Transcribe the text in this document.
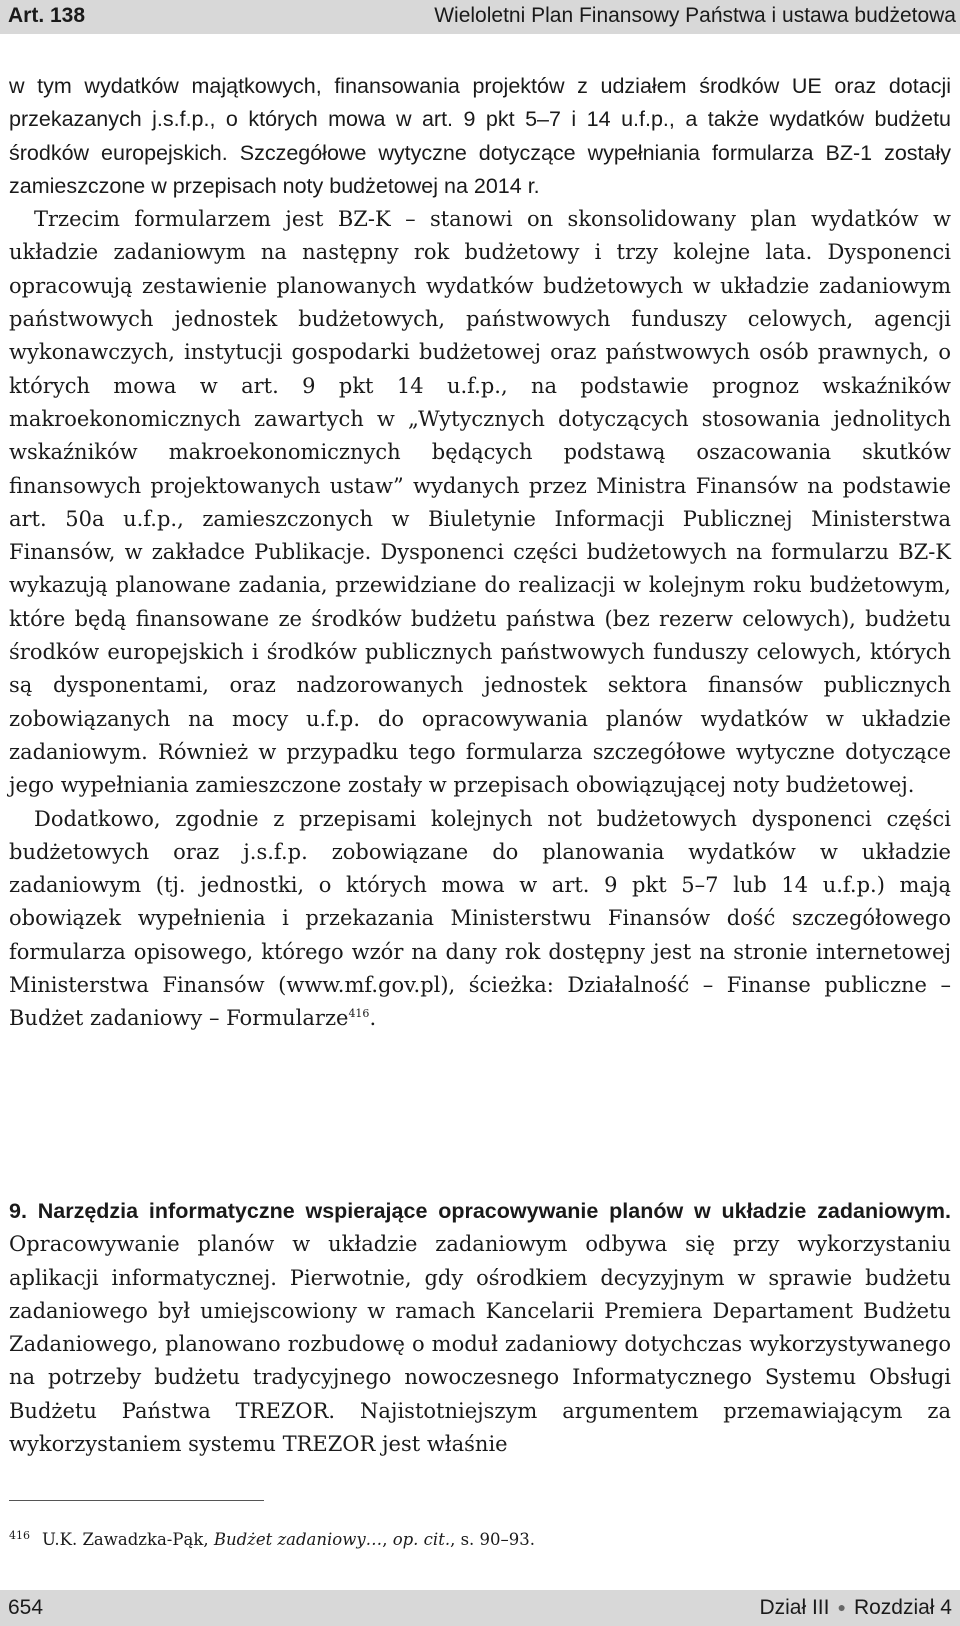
Art. 138	Wieloletni Plan Finansowy Państwa i ustawa budżetowa

w tym wydatków majątkowych, finansowania projektów z udziałem środków UE oraz dotacji przekazanych j.s.f.p., o których mowa w art. 9 pkt 5–7 i 14 u.f.p., a także wydatków budżetu środków europejskich. Szczegółowe wytyczne dotyczące wypełniania formularza BZ-1 zostały zamieszczone w przepisach noty budżetowej na 2014 r.

Trzecim formularzem jest BZ-K – stanowi on skonsolidowany plan wydatków w układzie zadaniowym na następny rok budżetowy i trzy kolejne lata. Dysponenci opracowują zestawienie planowanych wydatków budżetowych w układzie zadaniowym państwowych jednostek budżetowych, państwowych funduszy celowych, agencji wykonawczych, instytucji gospodarki budżetowej oraz państwowych osób prawnych, o których mowa w art. 9 pkt 14 u.f.p., na podstawie prognoz wskaźników makroekonomicznych zawartych w „Wytycznych dotyczących stosowania jednolitych wskaźników makroekonomicznych będących podstawą oszacowania skutków finansowych projektowanych ustaw” wydanych przez Ministra Finansów na podstawie art. 50a u.f.p., zamieszczonych w Biuletynie Informacji Publicznej Ministerstwa Finansów, w zakładce Publikacje. Dysponenci części budżetowych na formularzu BZ-K wykazują planowane zadania, przewidziane do realizacji w kolejnym roku budżetowym, które będą finansowane ze środków budżetu państwa (bez rezerw celowych), budżetu środków europejskich i środków publicznych państwowych funduszy celowych, których są dysponentami, oraz nadzorowanych jednostek sektora finansów publicznych zobowiązanych na mocy u.f.p. do opracowywania planów wydatków w układzie zadaniowym. Również w przypadku tego formularza szczegółowe wytyczne dotyczące jego wypełniania zamieszczone zostały w przepisach obowiązującej noty budżetowej.

Dodatkowo, zgodnie z przepisami kolejnych not budżetowych dysponenci części budżetowych oraz j.s.f.p. zobowiązane do planowania wydatków w układzie zadaniowym (tj. jednostki, o których mowa w art. 9 pkt 5–7 lub 14 u.f.p.) mają obowiązek wypełnienia i przekazania Ministerstwu Finansów dość szczegółowego formularza opisowego, którego wzór na dany rok dostępny jest na stronie internetowej Ministerstwa Finansów (www.mf.gov.pl), ścieżka: Działalność – Finanse publiczne – Budżet zadaniowy – Formularze$^{416}$.

9. Narzędzia informatyczne wspierające opracowywanie planów w układzie zadaniowym. Opracowywanie planów w układzie zadaniowym odbywa się przy wykorzystaniu aplikacji informatycznej. Pierwotnie, gdy ośrodkiem decyzyjnym w sprawie budżetu zadaniowego był umiejscowiony w ramach Kancelarii Premiera Departament Budżetu Zadaniowego, planowano rozbudowę o moduł zadaniowy dotychczas wykorzystywanego na potrzeby budżetu tradycyjnego nowoczesnego Informatycznego Systemu Obsługi Budżetu Państwa TREZOR. Najistotniejszym argumentem przemawiającym za wykorzystaniem systemu TREZOR jest właśnie
$^{416}$ U.K. Zawadzka-Pąk, Budżet zadaniowy…, op. cit., s. 90–93.
654	Dział III ● Rozdział 4
